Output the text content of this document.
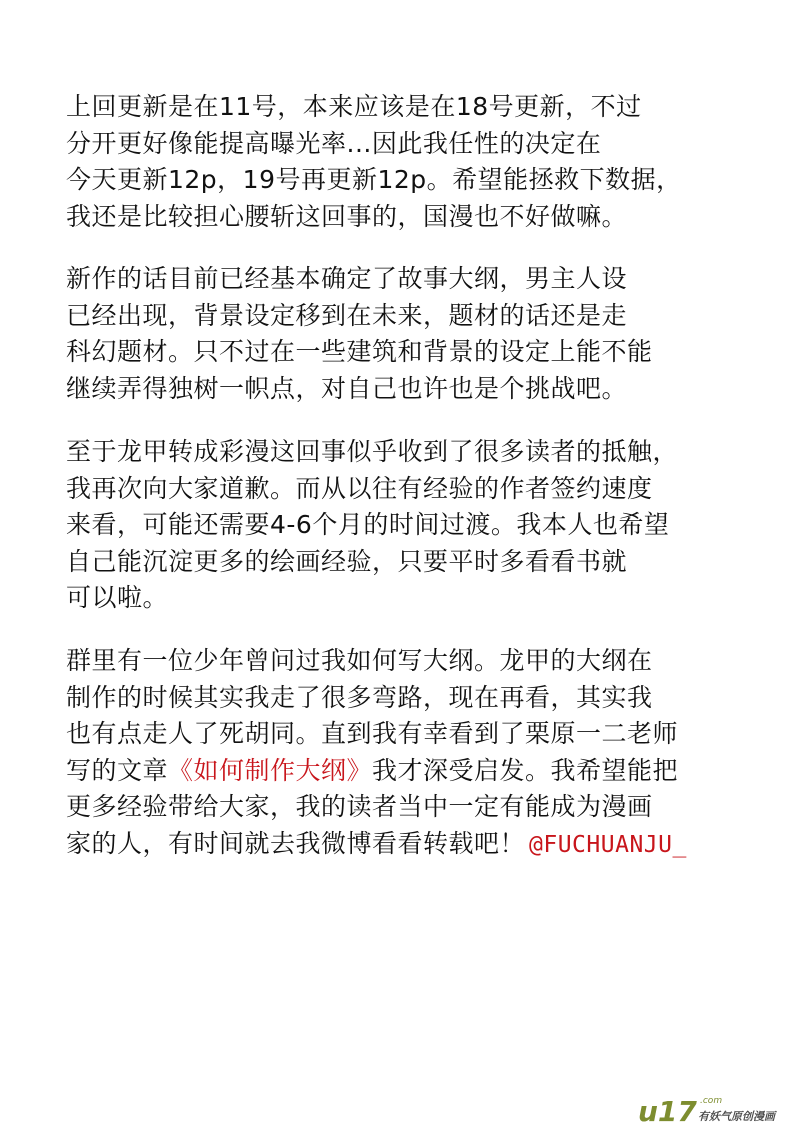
上回更新是在11号，本来应该是在18号更新，不过
分开更好像能提高曝光率...因此我任性的决定在
今天更新12p，19号再更新12p。希望能拯救下数据，
我还是比较担心腰斩这回事的，国漫也不好做嘛。
新作的话目前已经基本确定了故事大纲，男主人设
已经出现，背景设定移到在未来，题材的话还是走
科幻题材。只不过在一些建筑和背景的设定上能不能
继续弄得独树一帜点，对自己也许也是个挑战吧。
至于龙甲转成彩漫这回事似乎收到了很多读者的抵触，
我再次向大家道歉。而从以往有经验的作者签约速度
来看，可能还需要4-6个月的时间过渡。我本人也希望
自己能沉淀更多的绘画经验，只要平时多看看书就
可以啦。
群里有一位少年曾问过我如何写大纲。龙甲的大纲在
制作的时候其实我走了很多弯路，现在再看，其实我
也有点走人了死胡同。直到我有幸看到了栗原一二老师
写的文章《如何制作大纲》我才深受启发。我希望能把
更多经验带给大家，我的读者当中一定有能成为漫画
家的人，有时间就去我微博看看转载吧！ @FUCHUANJU_
u17 .com
有妖气原创漫画
